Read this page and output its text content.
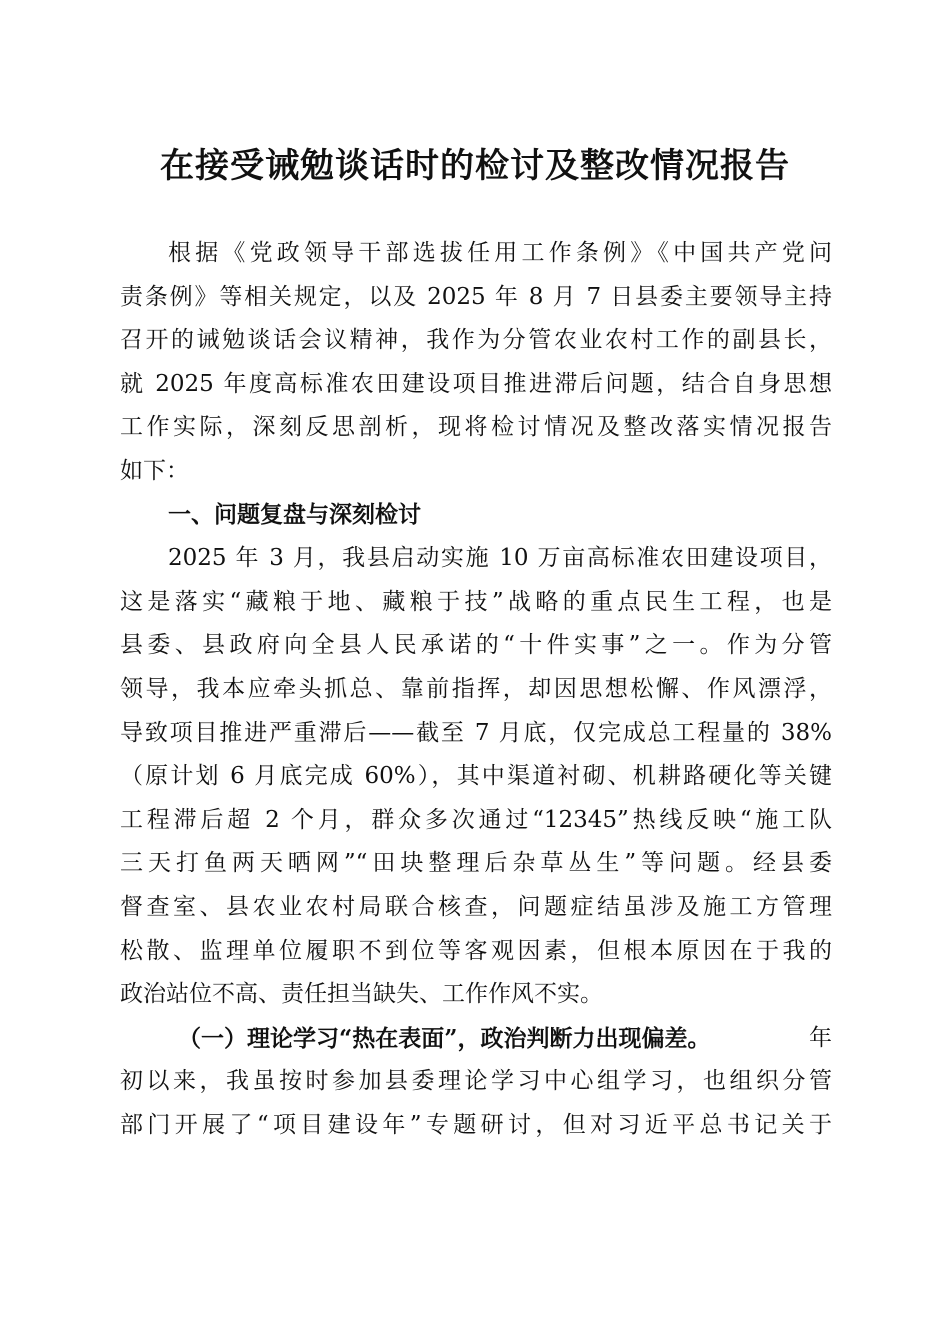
在接受诫勉谈话时的检讨及整改情况报告
根据《党政领导干部选拔任用工作条例》《中国共产党问
责条例》等相关规定，以及 2025 年 8 月 7 日县委主要领导主持
召开的诫勉谈话会议精神，我作为分管农业农村工作的副县长，
就 2025 年度高标准农田建设项目推进滞后问题，结合自身思想
工作实际，深刻反思剖析，现将检讨情况及整改落实情况报告
如下：
一、问题复盘与深刻检讨
2025 年 3 月，我县启动实施 10 万亩高标准农田建设项目，
这是落实“藏粮于地、藏粮于技”战略的重点民生工程，也是
县委、县政府向全县人民承诺的“十件实事”之一。作为分管
领导，我本应牵头抓总、靠前指挥，却因思想松懈、作风漂浮，
导致项目推进严重滞后——截至 7 月底，仅完成总工程量的 38%
（原计划 6 月底完成 60%），其中渠道衬砌、机耕路硬化等关键
工程滞后超 2 个月，群众多次通过“12345”热线反映“施工队
三天打鱼两天晒网”“田块整理后杂草丛生”等问题。经县委
督查室、县农业农村局联合核查，问题症结虽涉及施工方管理
松散、监理单位履职不到位等客观因素，但根本原因在于我的
政治站位不高、责任担当缺失、工作作风不实。
（一）理论学习“热在表面”，政治判断力出现偏差。	年
初以来，我虽按时参加县委理论学习中心组学习，也组织分管
部门开展了“项目建设年”专题研讨，但对习近平总书记关于
